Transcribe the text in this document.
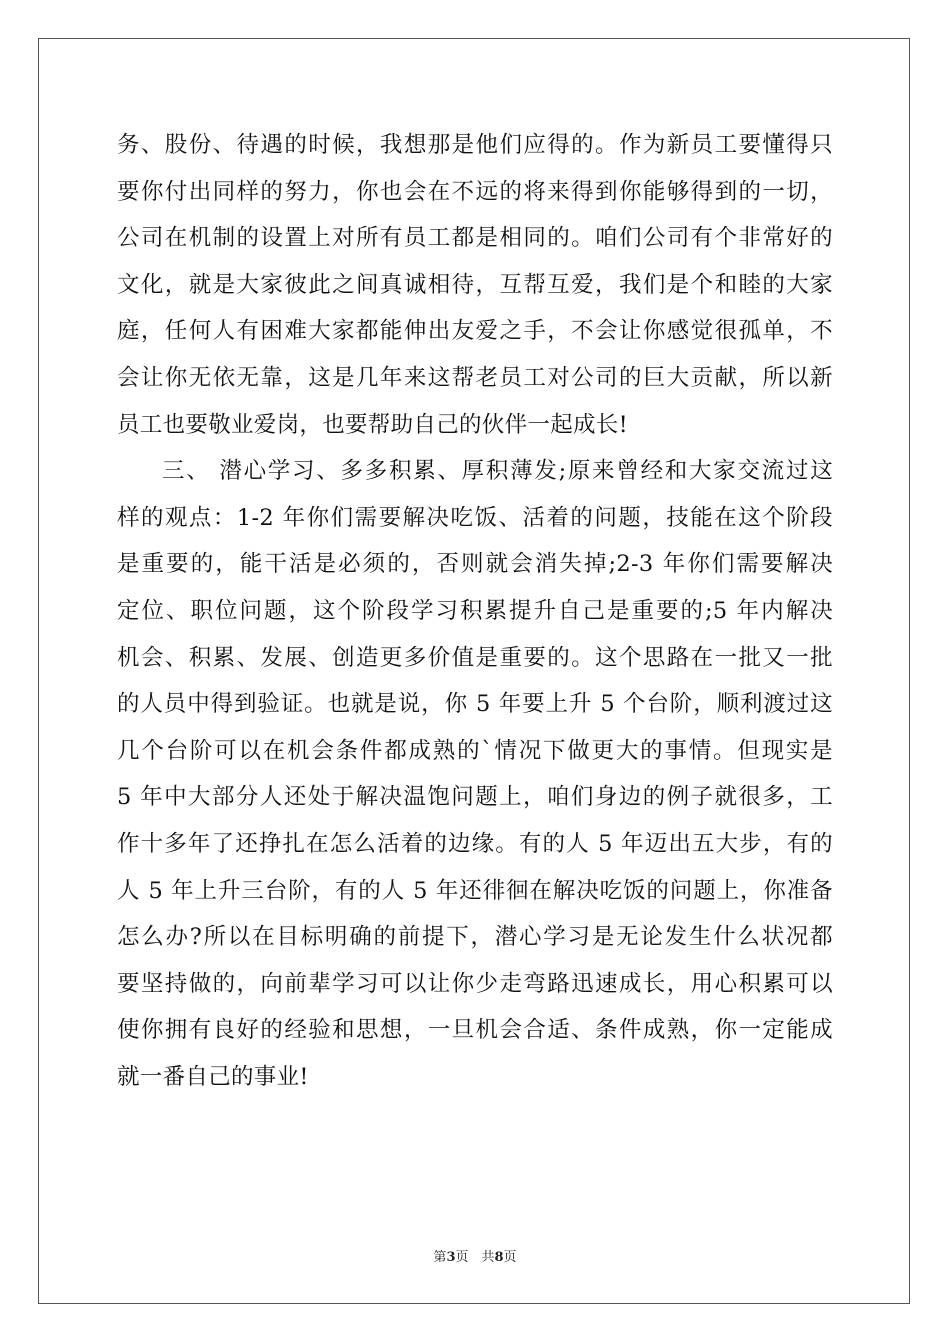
务、股份、待遇的时候，我想那是他们应得的。作为新员工要懂得只
要你付出同样的努力，你也会在不远的将来得到你能够得到的一切，
公司在机制的设置上对所有员工都是相同的。咱们公司有个非常好的
文化，就是大家彼此之间真诚相待，互帮互爱，我们是个和睦的大家
庭，任何人有困难大家都能伸出友爱之手，不会让你感觉很孤单，不
会让你无依无靠，这是几年来这帮老员工对公司的巨大贡献，所以新
员工也要敬业爱岗，也要帮助自己的伙伴一起成长!
三、 潜心学习、多多积累、厚积薄发;原来曾经和大家交流过这
样的观点：1-2 年你们需要解决吃饭、活着的问题，技能在这个阶段
是重要的，能干活是必须的，否则就会消失掉;2-3 年你们需要解决
定位、职位问题，这个阶段学习积累提升自己是重要的;5 年内解决
机会、积累、发展、创造更多价值是重要的。这个思路在一批又一批
的人员中得到验证。也就是说，你 5 年要上升 5 个台阶，顺利渡过这
几个台阶可以在机会条件都成熟的`情况下做更大的事情。但现实是
5 年中大部分人还处于解决温饱问题上，咱们身边的例子就很多，工
作十多年了还挣扎在怎么活着的边缘。有的人 5 年迈出五大步，有的
人 5 年上升三台阶，有的人 5 年还徘徊在解决吃饭的问题上，你准备
怎么办?所以在目标明确的前提下，潜心学习是无论发生什么状况都
要坚持做的，向前辈学习可以让你少走弯路迅速成长，用心积累可以
使你拥有良好的经验和思想，一旦机会合适、条件成熟，你一定能成
就一番自己的事业!
第3页　共8页
